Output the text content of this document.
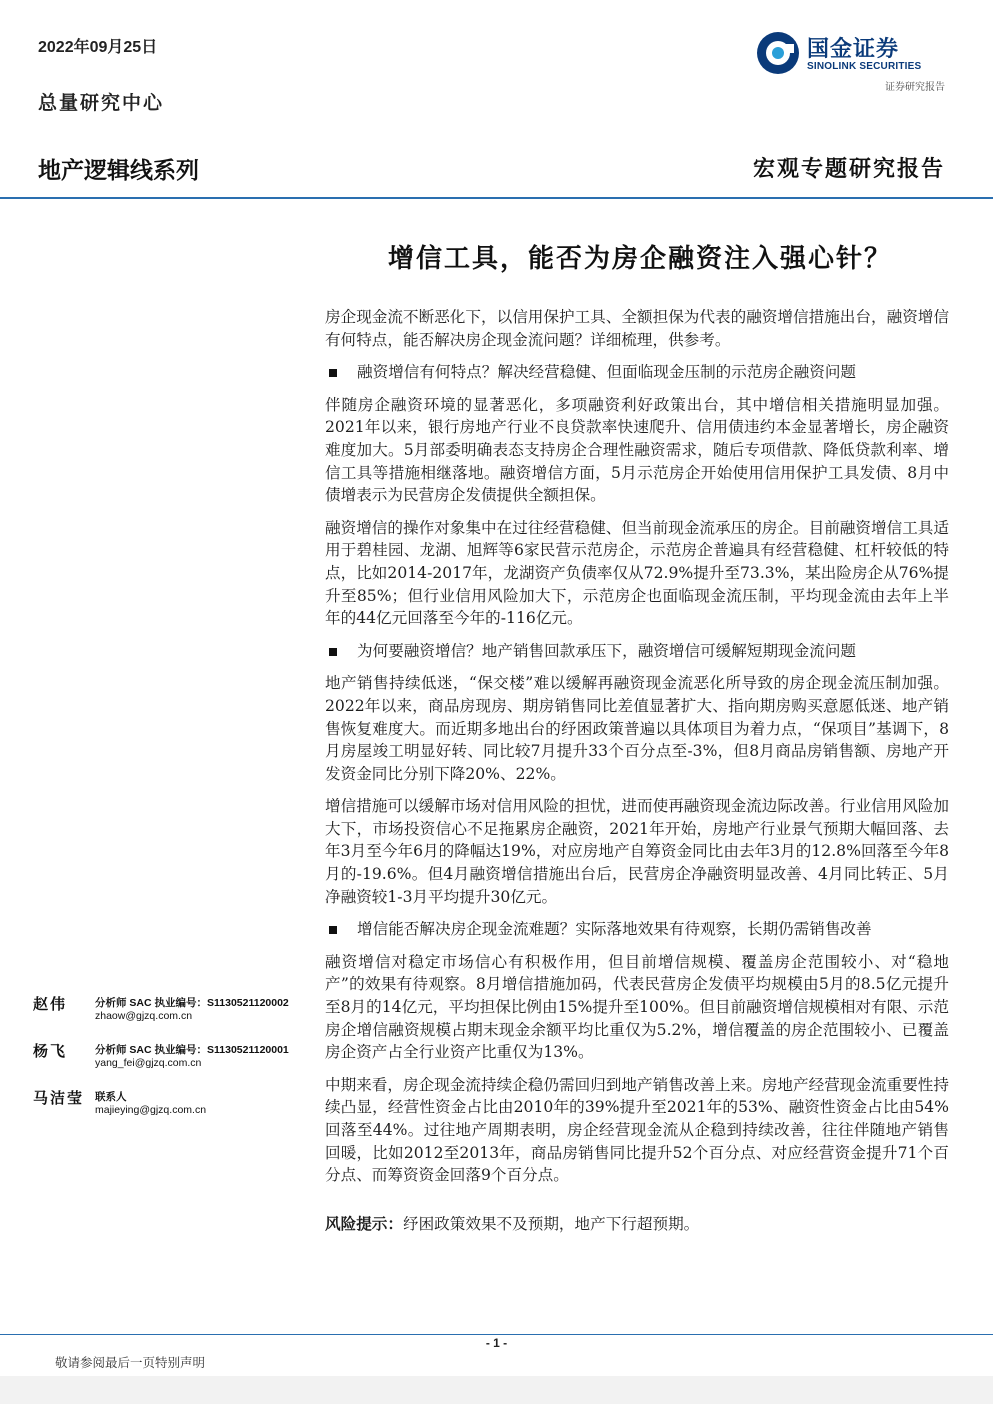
2022年09月25日
总量研究中心
地产逻辑线系列	宏观专题研究报告
国金证券
SINOLINK SECURITIES
证券研究报告
增信工具，能否为房企融资注入强心针？

房企现金流不断恶化下，以信用保护工具、全额担保为代表的融资增信措施出台，融资增信有何特点，能否解决房企现金流问题？详细梳理，供参考。

融资增信有何特点？解决经营稳健、但面临现金压制的示范房企融资问题

伴随房企融资环境的显著恶化，多项融资利好政策出台，其中增信相关措施明显加强。2021年以来，银行房地产行业不良贷款率快速爬升、信用债违约本金显著增长，房企融资难度加大。5月部委明确表态支持房企合理性融资需求，随后专项借款、降低贷款利率、增信工具等措施相继落地。融资增信方面，5月示范房企开始使用信用保护工具发债、8月中债增表示为民营房企发债提供全额担保。

融资增信的操作对象集中在过往经营稳健、但当前现金流承压的房企。目前融资增信工具适用于碧桂园、龙湖、旭辉等6家民营示范房企，示范房企普遍具有经营稳健、杠杆较低的特点，比如2014-2017年，龙湖资产负债率仅从72.9%提升至73.3%，某出险房企从76%提升至85%；但行业信用风险加大下，示范房企也面临现金流压制，平均现金流由去年上半年的44亿元回落至今年的-116亿元。

为何要融资增信？地产销售回款承压下，融资增信可缓解短期现金流问题

地产销售持续低迷，“保交楼”难以缓解再融资现金流恶化所导致的房企现金流压制加强。2022年以来，商品房现房、期房销售同比差值显著扩大、指向期房购买意愿低迷、地产销售恢复难度大。而近期多地出台的纾困政策普遍以具体项目为着力点，“保项目”基调下，8月房屋竣工明显好转、同比较7月提升33个百分点至-3%，但8月商品房销售额、房地产开发资金同比分别下降20%、22%。

增信措施可以缓解市场对信用风险的担忧，进而使再融资现金流边际改善。行业信用风险加大下，市场投资信心不足拖累房企融资，2021年开始，房地产行业景气预期大幅回落、去年3月至今年6月的降幅达19%，对应房地产自筹资金同比由去年3月的12.8%回落至今年8月的-19.6%。但4月融资增信措施出台后，民营房企净融资明显改善、4月同比转正、5月净融资较1-3月平均提升30亿元。

增信能否解决房企现金流难题？实际落地效果有待观察，长期仍需销售改善

融资增信对稳定市场信心有积极作用，但目前增信规模、覆盖房企范围较小、对“稳地产”的效果有待观察。8月增信措施加码，代表民营房企发债平均规模由5月的8.5亿元提升至8月的14亿元，平均担保比例由15%提升至100%。但目前融资增信规模相对有限、示范房企增信融资规模占期末现金余额平均比重仅为5.2%，增信覆盖的房企范围较小、已覆盖房企资产占全行业资产比重仅为13%。

中期来看，房企现金流持续企稳仍需回归到地产销售改善上来。房地产经营现金流重要性持续凸显，经营性资金占比由2010年的39%提升至2021年的53%、融资性资金占比由54%回落至44%。过往地产周期表明，房企经营现金流从企稳到持续改善，往往伴随地产销售回暖，比如2012至2013年，商品房销售同比提升52个百分点、对应经营资金提升71个百分点、而筹资资金回落9个百分点。

风险提示：纾困政策效果不及预期，地产下行超预期。

赵伟	分析师 SAC 执业编号：S1130521120002
zhaow@gjzq.com.cn
杨飞	分析师 SAC 执业编号：S1130521120001
yang_fei@gjzq.com.cn
马洁莹 联系人
majieying@gjzq.com.cn
- 1 -
敬请参阅最后一页特别声明
